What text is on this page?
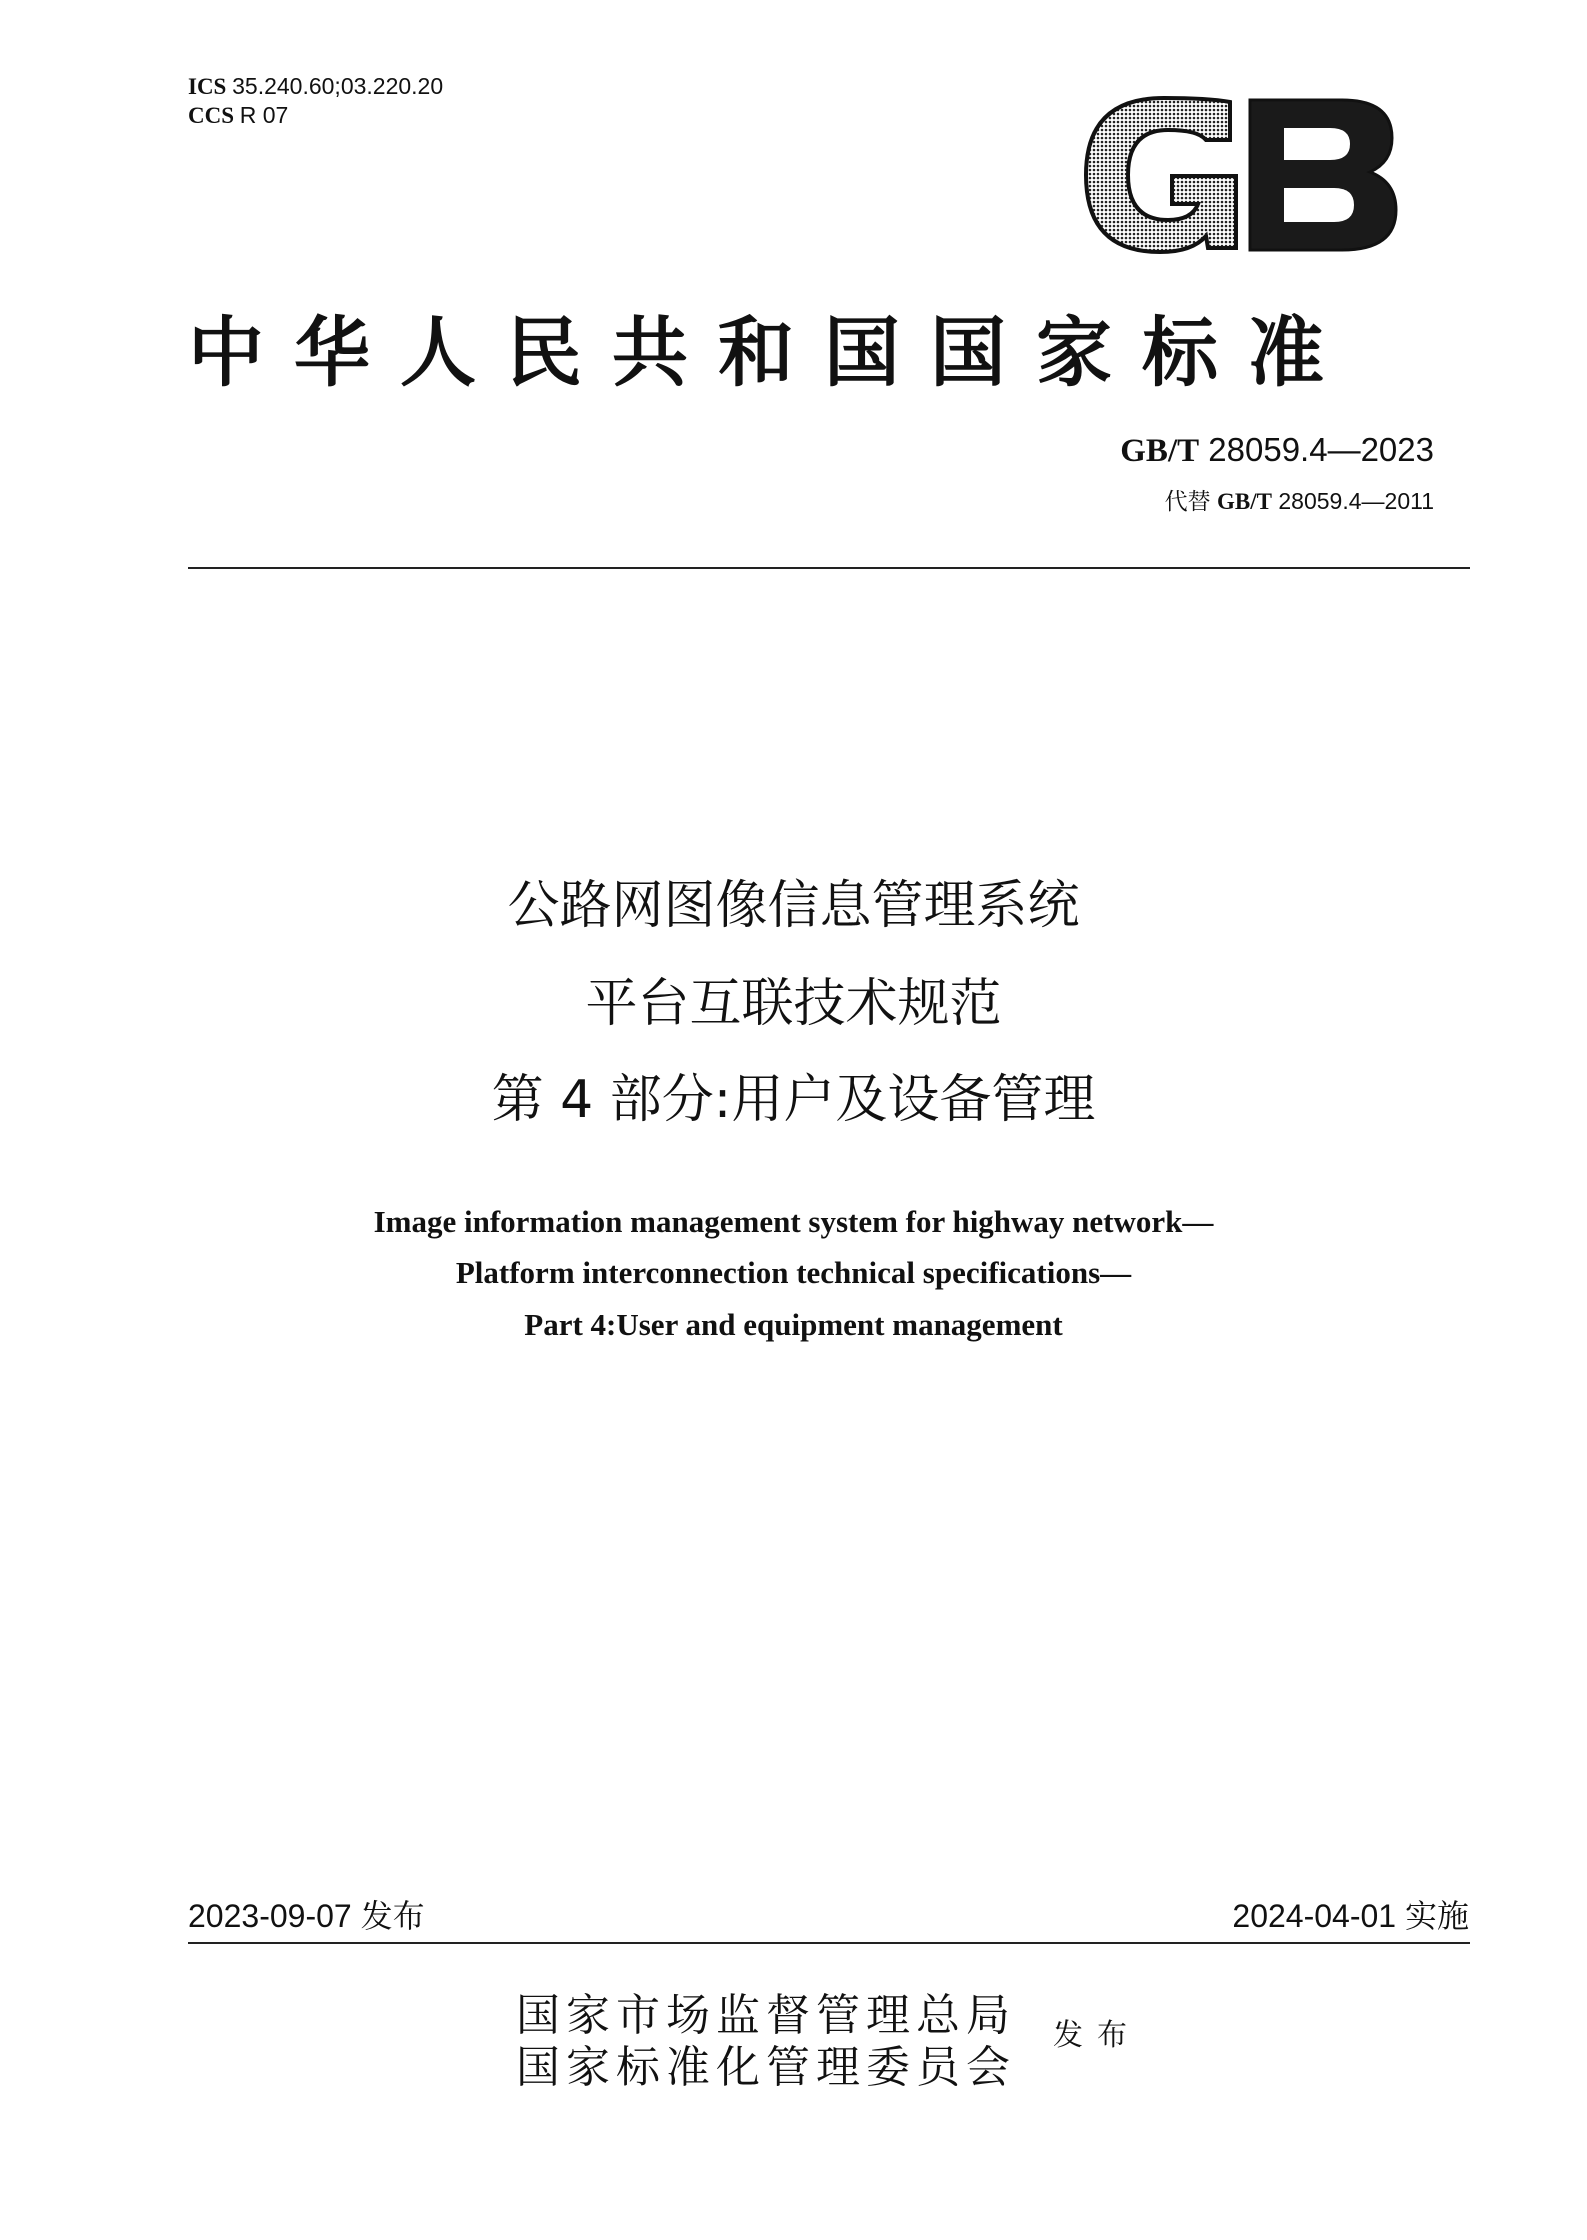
ICS 35.240.60;03.220.20
CCS R 07
中华人民共和国国家标准
GB/T 28059.4—2023
代替 GB/T 28059.4—2011
公路网图像信息管理系统
平台互联技术规范
第 4 部分:用户及设备管理
Image information management system for highway network—
Platform interconnection technical specifications—
Part 4:User and equipment management
2023-09-07 发布	2024-04-01 实施
国家市场监督管理总局
国家标准化管理委员会
发布
